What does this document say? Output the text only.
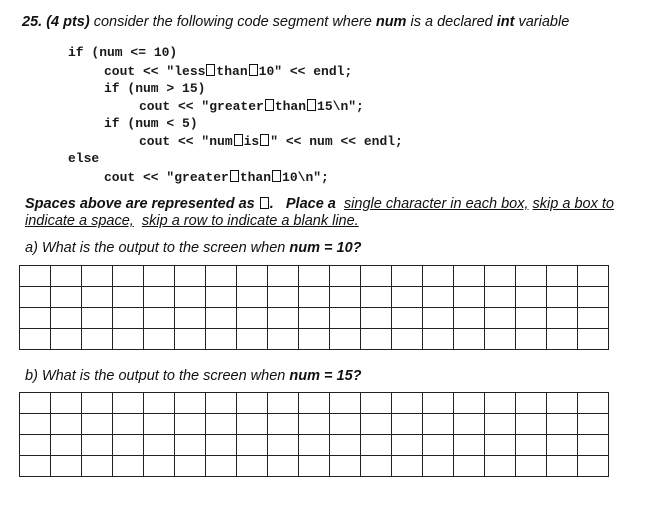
25. (4 pts) consider the following code segment where num is a declared int variable
if (num <= 10)
cout << "less than 10" << endl;
if (num > 15)
cout << "greater than 15\n";
if (num < 5)
cout << "num is " << num << endl;
else
cout << "greater than 10\n";
Spaces above are represented as .   Place a  single character in each box, skip a box to
indicate a space, skip a row to indicate a blank line.
a) What is the output to the screen when num = 10?

b) What is the output to the screen when num = 15?
